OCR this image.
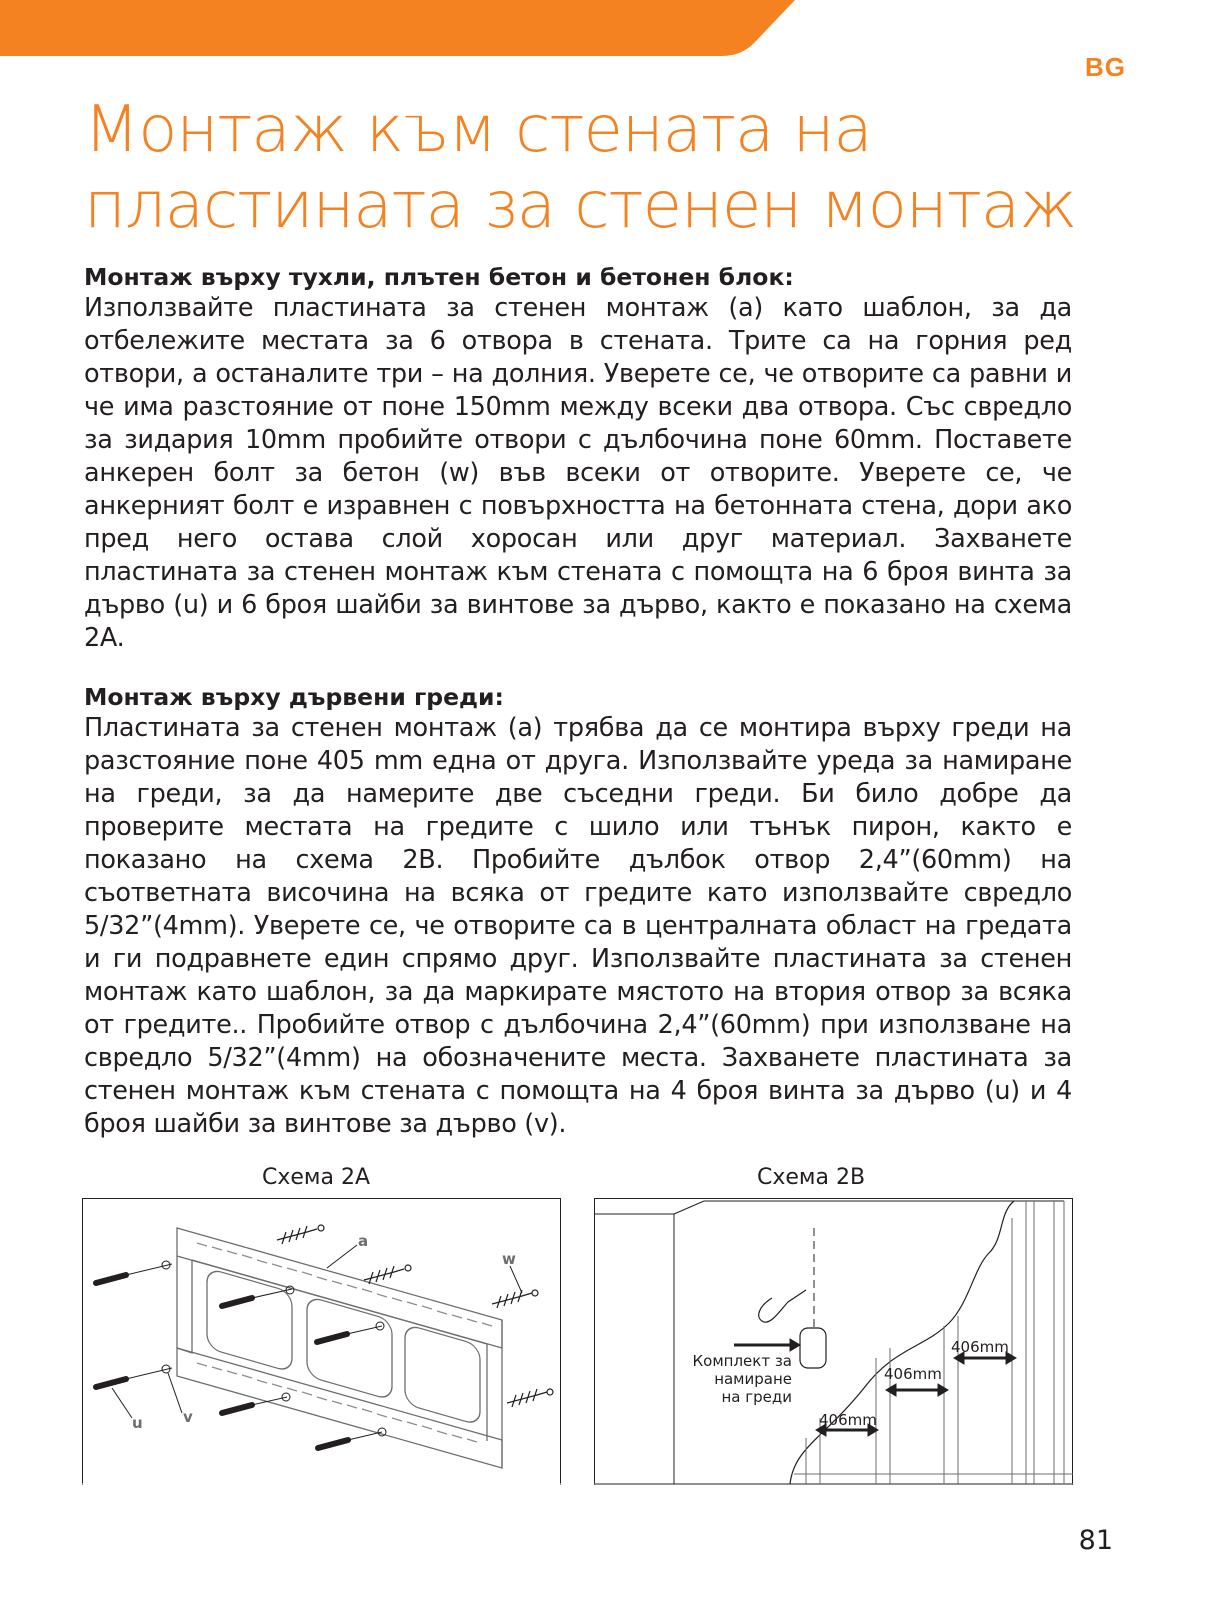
BG
Монтаж към стената на пластината за стенен монтаж
Монтаж върху тухли, плътен бетон и бетонен блок:

Използвайте пластината за стенен монтаж (a) като шаблон, за да отбележите местата за 6 отвора в стената. Трите са на горния ред отвори, а останалите три – на долния. Уверете се, че отворите са равни и че има разстояние от поне 150mm между всеки два отвора. Със свредло за зидария 10mm пробийте отвори с дълбочина поне 60mm. Поставете анкерен болт за бетон (w) във всеки от отворите. Уверете се, че анкерният болт е изравнен с повърхността на бетонната стена, дори ако пред него остава слой хоросан или друг материал. Захванете пластината за стенен монтаж към стената с помощта на 6 броя винта за дърво (u) и 6 броя шайби за винтове за дърво, както е показано на схема 2A.

Монтаж върху дървени греди:

Пластината за стенен монтаж (a) трябва да се монтира върху греди на разстояние поне 405 mm една от друга. Използвайте уреда за намиране на греди, за да намерите две съседни греди. Би било добре да проверите местата на гредите с шило или тънък пирон, както е показано на схема 2B. Пробийте дълбок отвор 2,4”(60mm) на съответната височина на всяка от гредите като използвайте свредло 5/32”(4mm). Уверете се, че отворите са в централната област на гредата и ги подравнете един спрямо друг. Използвайте пластината за стенен монтаж като шаблон, за да маркирате мястото на втория отвор за всяка от гредите.. Пробийте отвор с дълбочина 2,4”(60mm) при използване на свредло 5/32”(4mm) на обозначените места. Захванете пластината за стенен монтаж към стената с помощта на 4 броя винта за дърво (u) и 4 броя шайби за винтове за дърво (v).

Схема 2A	Схема 2B
a
w
u	v	406mm
406mm
406mm
Комплект за
намиране
на греди
81
